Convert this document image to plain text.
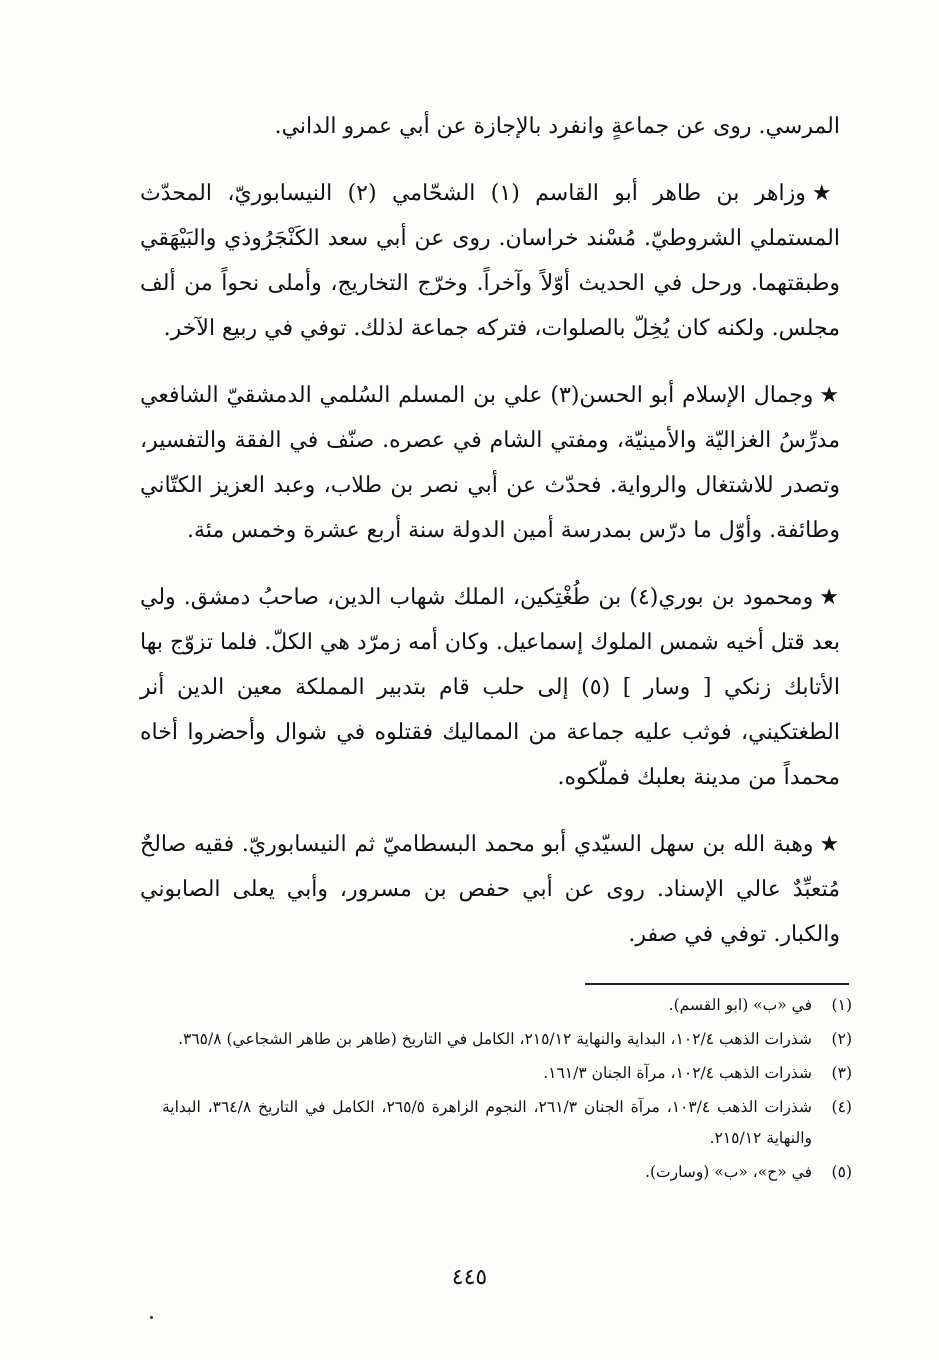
المرسي. روى عن جماعةٍ وانفرد بالإجازة عن أبي عمرو الداني.

★وزاهر بن طاهر أبو القاسم (١) الشحّامي (٢) النيسابوريّ، المحدّث المستملي الشروطيّ. مُسْند خراسان. روى عن أبي سعد الكَنْجَرُوذي والبَيْهَقي وطبقتهما. ورحل في الحديث أوّلاً وآخراً. وخرّج التخاريج، وأملى نحواً من ألف مجلس. ولكنه كان يُخِلّ بالصلوات، فتركه جماعة لذلك. توفي في ربيع الآخر.

★وجمال الإسلام أبو الحسن(٣) علي بن المسلم السُلمي الدمشقيّ الشافعي مدرِّسُ الغزاليّة والأمينيّة، ومفتي الشام في عصره. صنّف في الفقة والتفسير، وتصدر للاشتغال والرواية. فحدّث عن أبي نصر بن طلاب، وعبد العزيز الكتّاني وطائفة. وأوّل ما درّس بمدرسة أمين الدولة سنة أربع عشرة وخمس مئة.

★ومحمود بن بوري(٤) بن طُغْتِكين، الملك شهاب الدين، صاحبُ دمشق. ولي بعد قتل أخيه شمس الملوك إسماعيل. وكان أمه زمرّد هي الكلّ. فلما تزوّج بها الأتابك زنكي [ وسار ] (٥) إلى حلب قام بتدبير المملكة معين الدين أنر الطغتكيني، فوثب عليه جماعة من المماليك فقتلوه في شوال وأحضروا أخاه محمداً من مدينة بعلبك فملّكوه.

★وهبة الله بن سهل السيّدي أبو محمد البسطاميّ ثم النيسابوريّ. فقيه صالحٌ مُتعبِّدٌ عالي الإسناد. روى عن أبي حفص بن مسرور، وأبي يعلى الصابوني والكبار. توفي في صفر.

(١)في «ب» (ابو القسم).

(٢)شذرات الذهب ١٠٢/٤، البداية والنهاية ٢١٥/١٢، الكامل في التاريخ (طاهر بن طاهر الشجاعي) ٣٦٥/٨.

(٣)شذرات الذهب ١٠٢/٤، مرآة الجنان ١٦١/٣.

(٤)شذرات الذهب ١٠٣/٤، مرآة الجنان ٢٦١/٣، النجوم الزاهرة ٢٦٥/٥، الكامل في التاريخ ٣٦٤/٨، البداية والنهاية ٢١٥/١٢.

(٥)في «ح»، «ب» (وسارت).

٤٤٥
